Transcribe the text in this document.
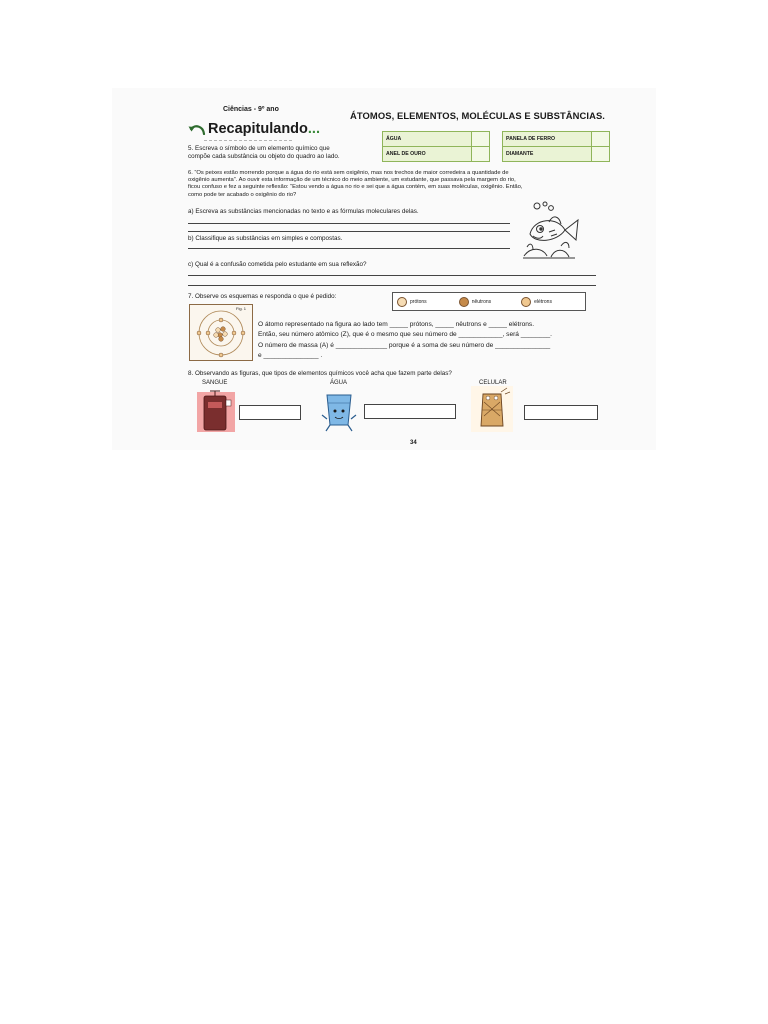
Ciências - 9º ano
ÁTOMOS, ELEMENTOS, MOLÉCULAS E SUBSTÂNCIAS.
Recapitulando ...
5. Escreva o símbolo de um elemento químico que
compõe cada substância ou objeto do quadro ao lado.
ÁGUA			PANELA DE FERRO	
ANEL DE OURO			DIAMANTE	
6. “Os peixes estão morrendo porque a água do rio está sem oxigênio, mas nos trechos de maior corredeira a quantidade de
oxigênio aumenta”. Ao ouvir esta informação de um técnico do meio ambiente, um estudante, que passava pela margem do rio,
ficou confuso e fez a seguinte reflexão: “Estou vendo a água no rio e sei que a água contém, em suas moléculas, oxigênio. Então,
como pode ter acabado o oxigênio do rio?
a) Escreva as substâncias mencionadas no texto e as fórmulas moleculares delas.
b) Classifique as substâncias em simples e compostas.
c) Qual é a confusão cometida pelo estudante em sua reflexão?
7. Observe os esquemas e responda o que é pedido:
prótons	nêutrons	elétrons
Fig. 1
O átomo representado na figura ao lado tem _____ prótons, _____ nêutrons e _____ elétrons.
Então, seu número atômico (Z), que é o mesmo que seu número de ____________, será ________.
O número de massa (A) é ______________ porque é a soma de seu número de _______________
e _______________ .
8. Observando as figuras, que tipos de elementos químicos você acha que fazem parte delas?
SANGUE	ÁGUA	CELULAR
34
